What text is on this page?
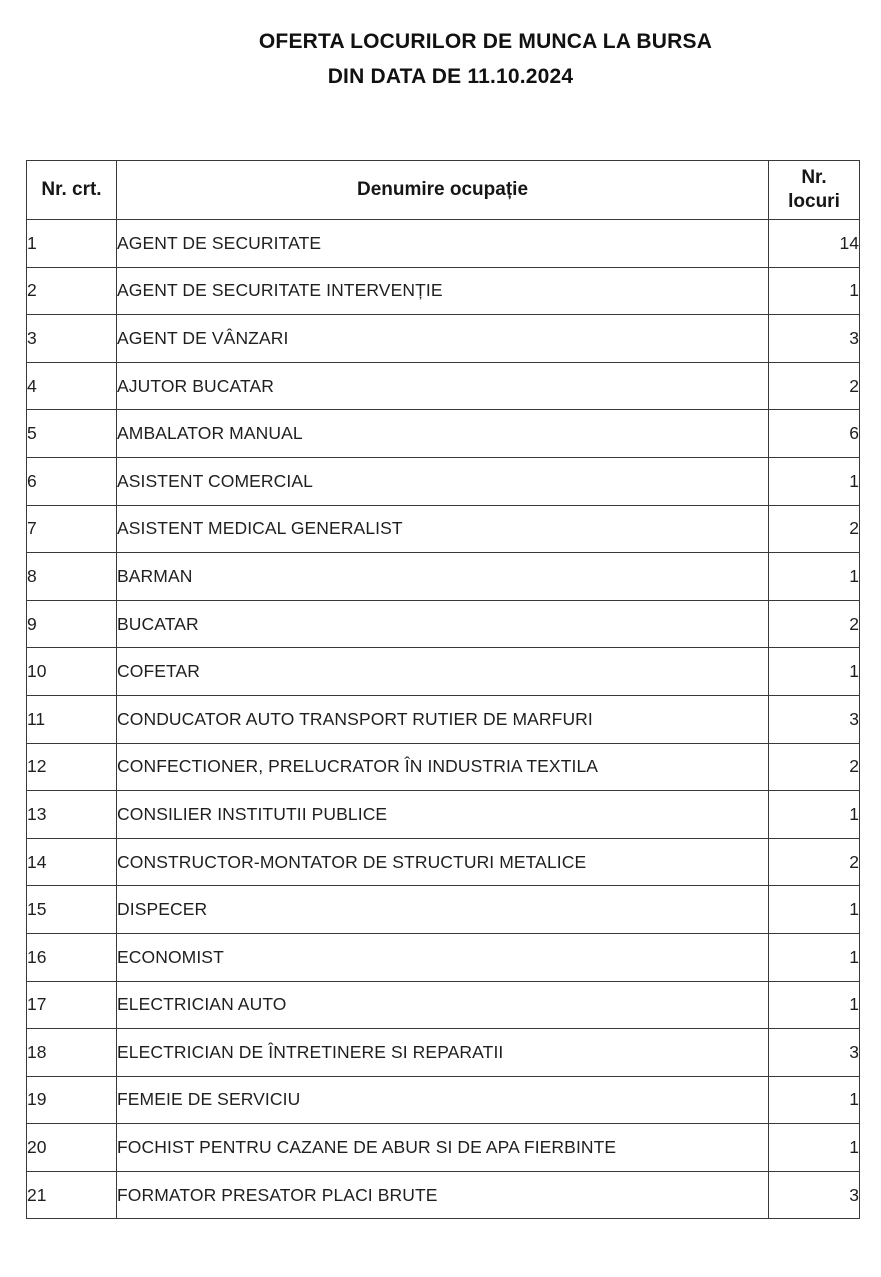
OFERTA LOCURILOR DE MUNCA LA BURSA
DIN DATA DE 11.10.2024
Nr. crt.	Denumire ocupație	Nr.
locuri

1	AGENT DE SECURITATE	14
2	AGENT DE SECURITATE INTERVENȚIE	1
3	AGENT DE VÂNZARI	3
4	AJUTOR BUCATAR	2
5	AMBALATOR MANUAL	6
6	ASISTENT COMERCIAL	1
7	ASISTENT MEDICAL GENERALIST	2
8	BARMAN	1
9	BUCATAR	2
10	COFETAR	1
11	CONDUCATOR AUTO TRANSPORT RUTIER DE MARFURI	3
12	CONFECTIONER, PRELUCRATOR ÎN INDUSTRIA TEXTILA	2
13	CONSILIER INSTITUTII PUBLICE	1
14	CONSTRUCTOR-MONTATOR DE STRUCTURI METALICE	2
15	DISPECER	1
16	ECONOMIST	1
17	ELECTRICIAN AUTO	1
18	ELECTRICIAN DE ÎNTRETINERE SI REPARATII	3
19	FEMEIE DE SERVICIU	1
20	FOCHIST PENTRU CAZANE DE ABUR SI DE APA FIERBINTE	1
21	FORMATOR PRESATOR PLACI BRUTE	3
